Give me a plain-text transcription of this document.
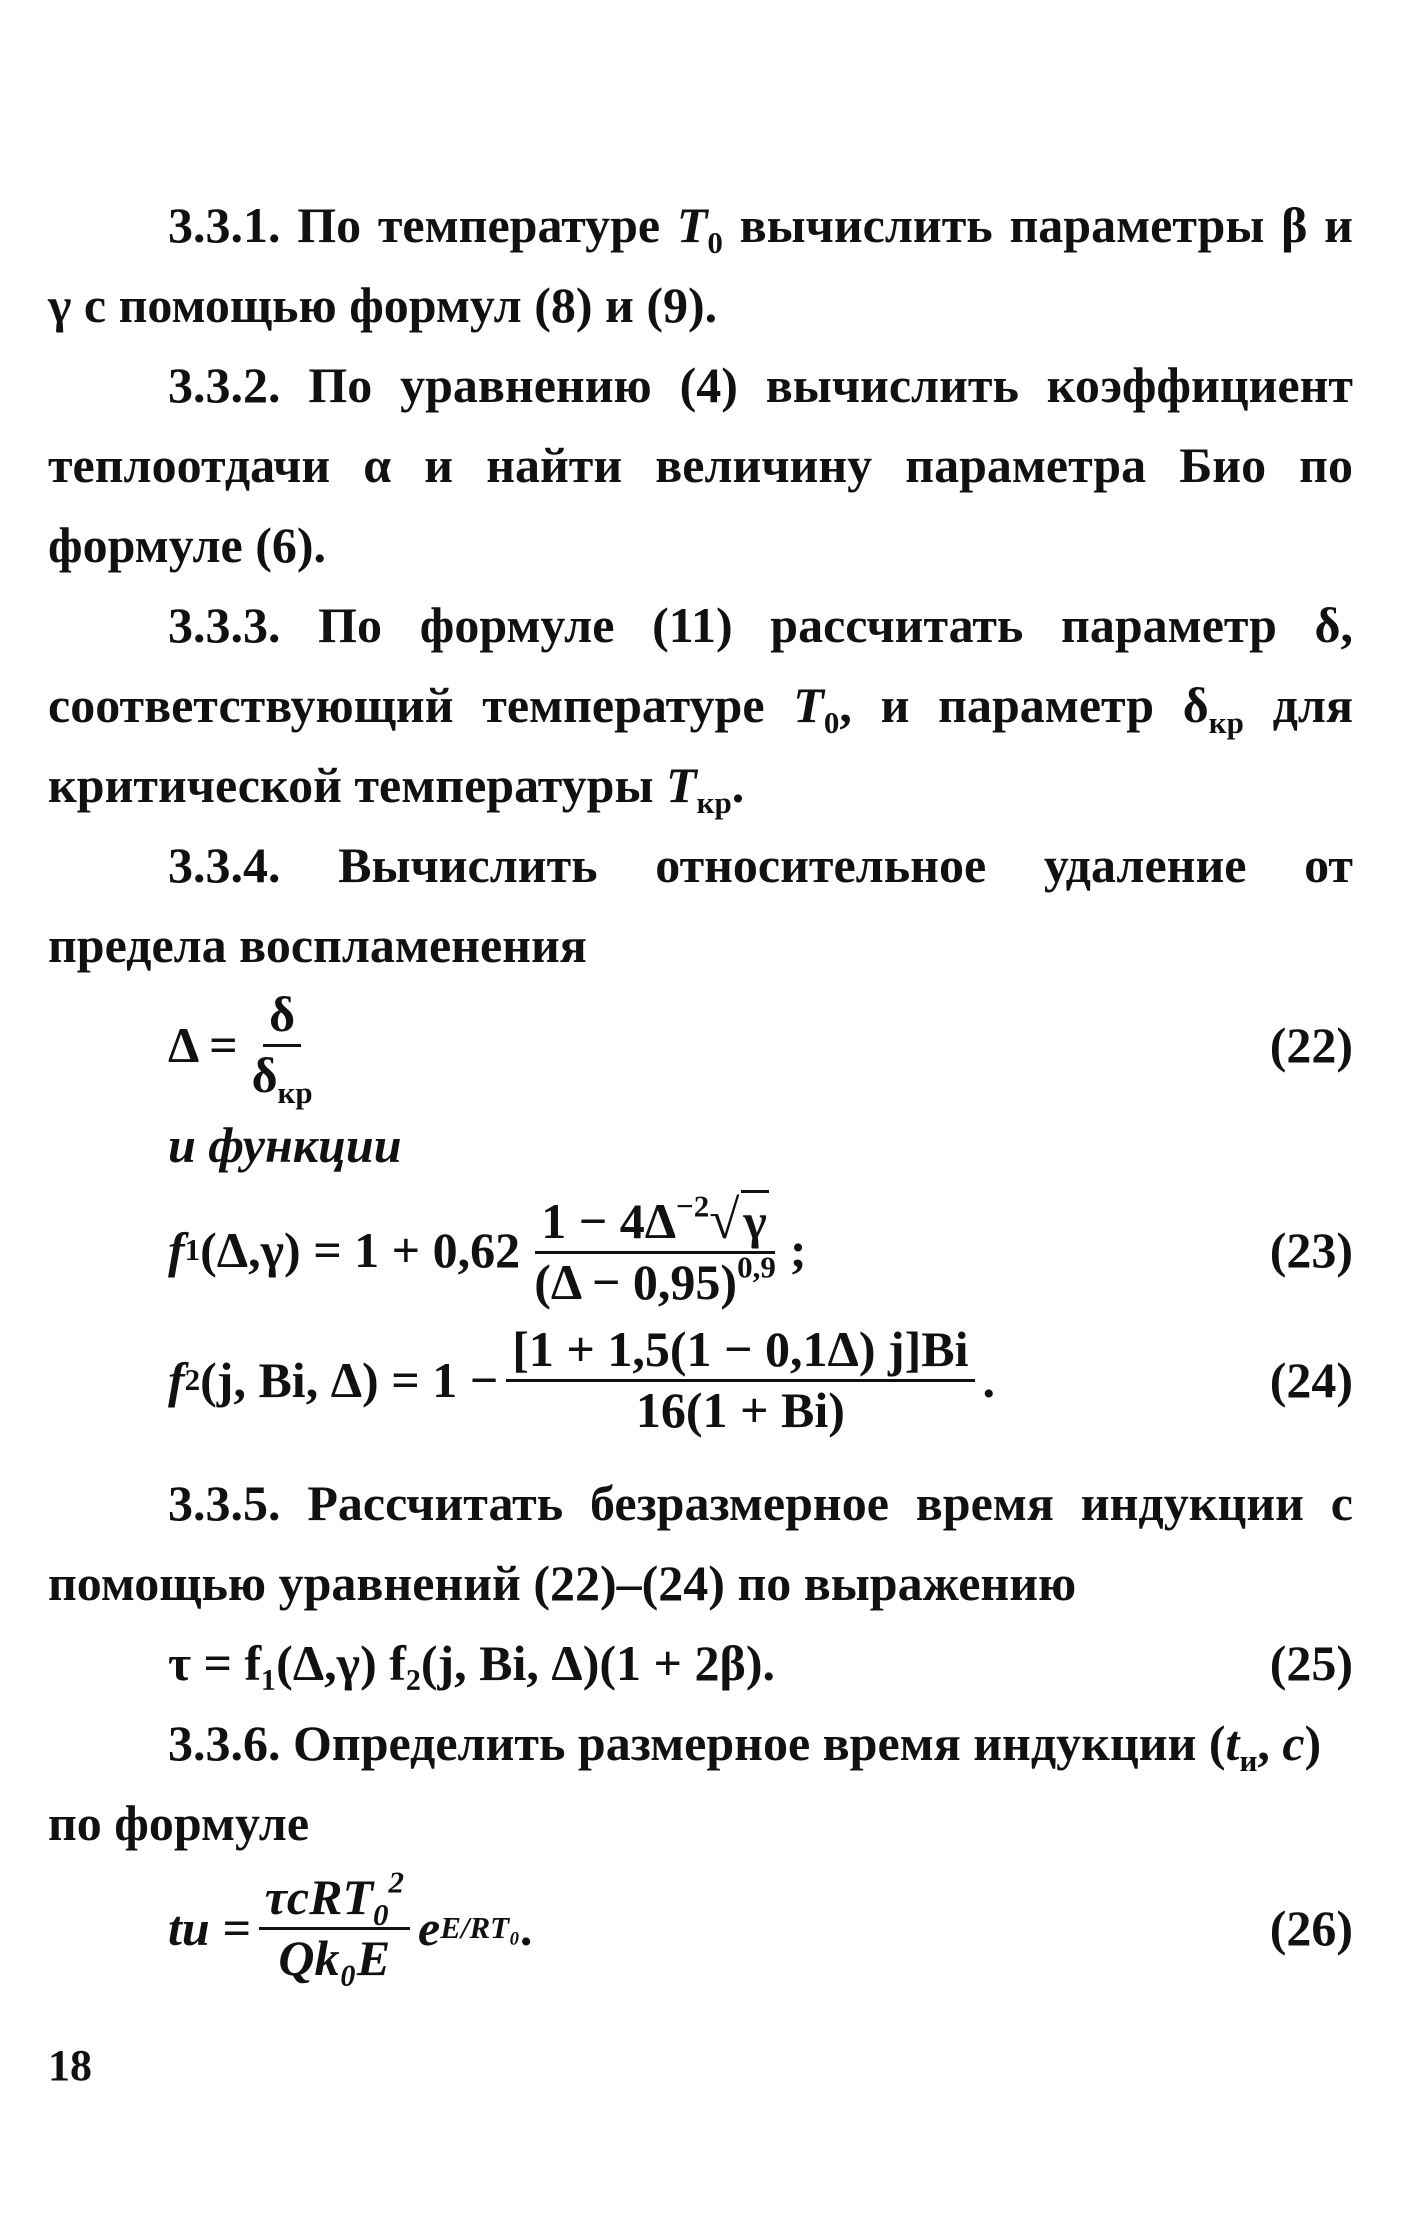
3.3.1. По температуре $T_0$ вычислить параметры β и γ с помощью формул (8) и (9).

3.3.2. По уравнению (4) вычислить коэффициент теплоотдачи α и найти величину параметра Био по формуле (6).

3.3.3. По формуле (11) рассчитать параметр δ, соответствующий температуре $T_0$, и параметр $\delta_{кр}$ для критической температуры $T_{кр}$.

3.3.4. Вычислить относительное удаление от предела воспламенения

$\Delta = \frac{\delta}{\delta_{кр}}$	(22)
и функции
f 1 $(\Delta,\gamma) = 1 + 0,62 \frac{1 - 4\Delta^{-2}√\gamma}{(\Delta - 0,95)^{0,9}}$ ;	(23)
f 2 (j, Bi, $\Delta) = 1 - \frac{[1 + 1,5(1 - 0,1\Delta) j]Bi}{16(1 + Bi)}$ .	(24)

3.3.5. Рассчитать безразмерное время индукции с помощью уравнений (22)–(24) по выражению

τ = f₁(Δ,γ) f₂(j, Bi, Δ)(1 + 2β).	(25)

3.3.6. Определить размерное время индукции ($t_и$, c) по формуле

tи = $\frac{\tau cRT_0^2}{\text{Qk₀E}}$ e E/RT₀ .	(26)
18
